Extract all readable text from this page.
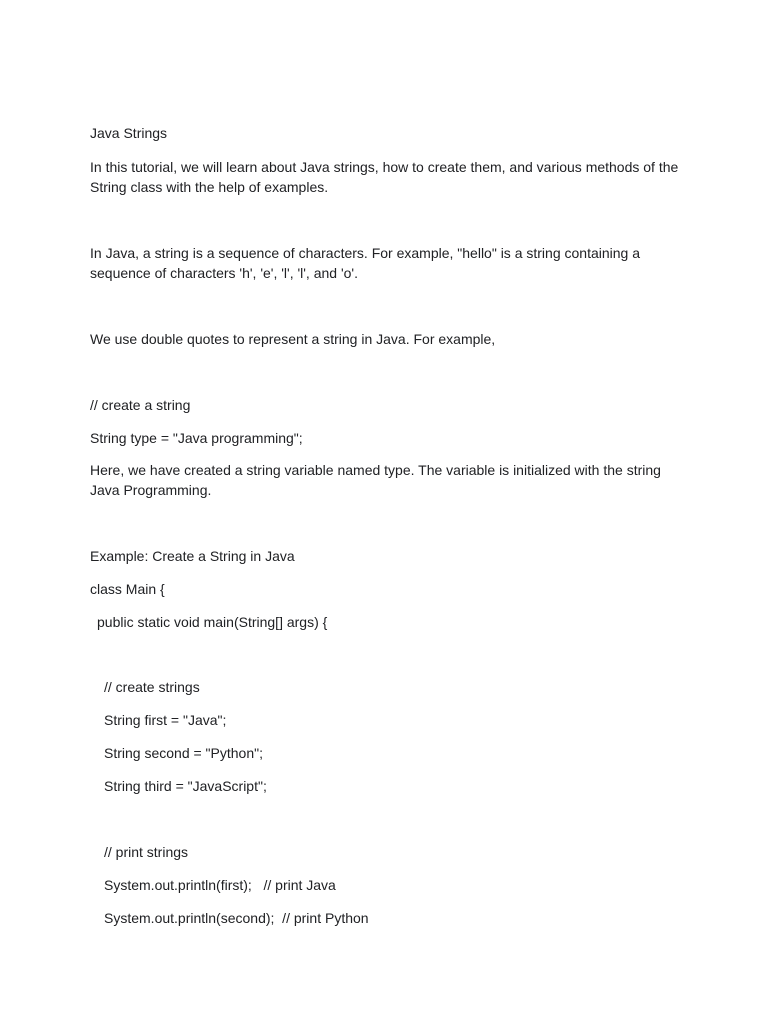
Java Strings

In this tutorial, we will learn about Java strings, how to create them, and various methods of the
String class with the help of examples.
In Java, a string is a sequence of characters. For example, "hello" is a string containing a
sequence of characters 'h', 'e', 'l', 'l', and 'o'.

We use double quotes to represent a string in Java. For example,

// create a string

String type = "Java programming";

Here, we have created a string variable named type. The variable is initialized with the string
Java Programming.

Example: Create a String in Java

class Main {

public static void main(String[] args) {

// create strings

String first = "Java";

String second = "Python";

String third = "JavaScript";

// print strings

System.out.println(first);   // print Java

System.out.println(second);  // print Python
